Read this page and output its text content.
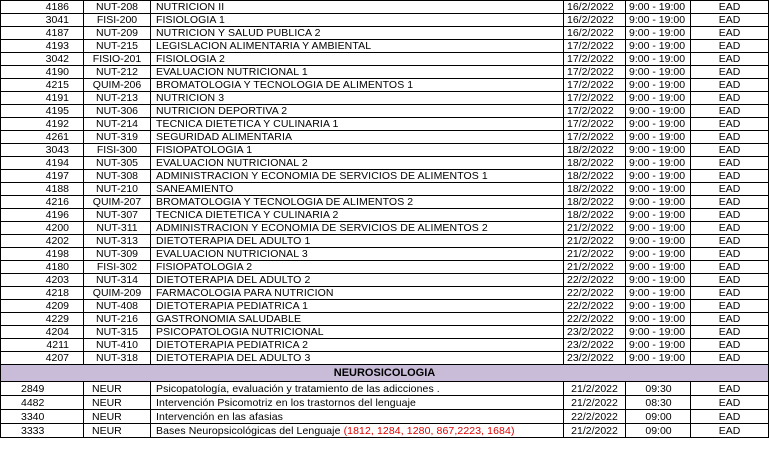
4186	NUT-208	NUTRICION II	16/2/2022	9:00 - 19:00	EAD
3041	FISI-200	FISIOLOGIA 1	16/2/2022	9:00 - 19:00	EAD
4187	NUT-209	NUTRICION Y SALUD PUBLICA 2	16/2/2022	9:00 - 19:00	EAD
4193	NUT-215	LEGISLACION ALIMENTARIA Y AMBIENTAL	17/2/2022	9:00 - 19:00	EAD
3042	FISIO-201	FISIOLOGIA 2	17/2/2022	9:00 - 19:00	EAD
4190	NUT-212	EVALUACION NUTRICIONAL 1	17/2/2022	9:00 - 19:00	EAD
4215	QUIM-206	BROMATOLOGIA Y TECNOLOGIA DE ALIMENTOS 1	17/2/2022	9:00 - 19:00	EAD
4191	NUT-213	NUTRICION 3	17/2/2022	9:00 - 19:00	EAD
4195	NUT-306	NUTRICION DEPORTIVA 2	17/2/2022	9:00 - 19:00	EAD
4192	NUT-214	TECNICA DIETETICA Y CULINARIA 1	17/2/2022	9:00 - 19:00	EAD
4261	NUT-319	SEGURIDAD ALIMENTARIA	17/2/2022	9:00 - 19:00	EAD
3043	FISI-300	FISIOPATOLOGIA 1	18/2/2022	9:00 - 19:00	EAD
4194	NUT-305	EVALUACION NUTRICIONAL 2	18/2/2022	9:00 - 19:00	EAD
4197	NUT-308	ADMINISTRACION Y ECONOMIA DE SERVICIOS DE ALIMENTOS 1	18/2/2022	9:00 - 19:00	EAD
4188	NUT-210	SANEAMIENTO	18/2/2022	9:00 - 19:00	EAD
4216	QUIM-207	BROMATOLOGIA Y TECNOLOGIA DE ALIMENTOS 2	18/2/2022	9:00 - 19:00	EAD
4196	NUT-307	TECNICA DIETETICA Y CULINARIA 2	18/2/2022	9:00 - 19:00	EAD
4200	NUT-311	ADMINISTRACION Y ECONOMIA DE SERVICIOS DE ALIMENTOS 2	21/2/2022	9:00 - 19:00	EAD
4202	NUT-313	DIETOTERAPIA DEL ADULTO 1	21/2/2022	9:00 - 19:00	EAD
4198	NUT-309	EVALUACION NUTRICIONAL 3	21/2/2022	9:00 - 19:00	EAD
4180	FISI-302	FISIOPATOLOGIA 2	21/2/2022	9:00 - 19:00	EAD
4203	NUT-314	DIETOTERAPIA DEL ADULTO 2	22/2/2022	9:00 - 19:00	EAD
4218	QUIM-209	FARMACOLOGIA PARA NUTRICION	22/2/2022	9:00 - 19:00	EAD
4209	NUT-408	DIETOTERAPIA PEDIATRICA 1	22/2/2022	9:00 - 19:00	EAD
4229	NUT-216	GASTRONOMIA SALUDABLE	22/2/2022	9:00 - 19:00	EAD
4204	NUT-315	PSICOPATOLOGIA NUTRICIONAL	23/2/2022	9:00 - 19:00	EAD
4211	NUT-410	DIETOTERAPIA PEDIATRICA 2	23/2/2022	9:00 - 19:00	EAD
4207	NUT-318	DIETOTERAPIA DEL ADULTO 3	23/2/2022	9:00 - 19:00	EAD
NEUROSICOLOGIA					
2849	NEUR	Psicopatología, evaluación y tratamiento de las adicciones .	21/2/2022	09:30	EAD
4482	NEUR	Intervención Psicomotriz en los trastornos del lenguaje	21/2/2022	08:30	EAD
3340	NEUR	Intervención en las afasias	22/2/2022	09:00	EAD
3333	NEUR	Bases Neuropsicológicas del Lenguaje (1812, 1284, 1280, 867,2223, 1684)	21/2/2022	09:00	EAD
